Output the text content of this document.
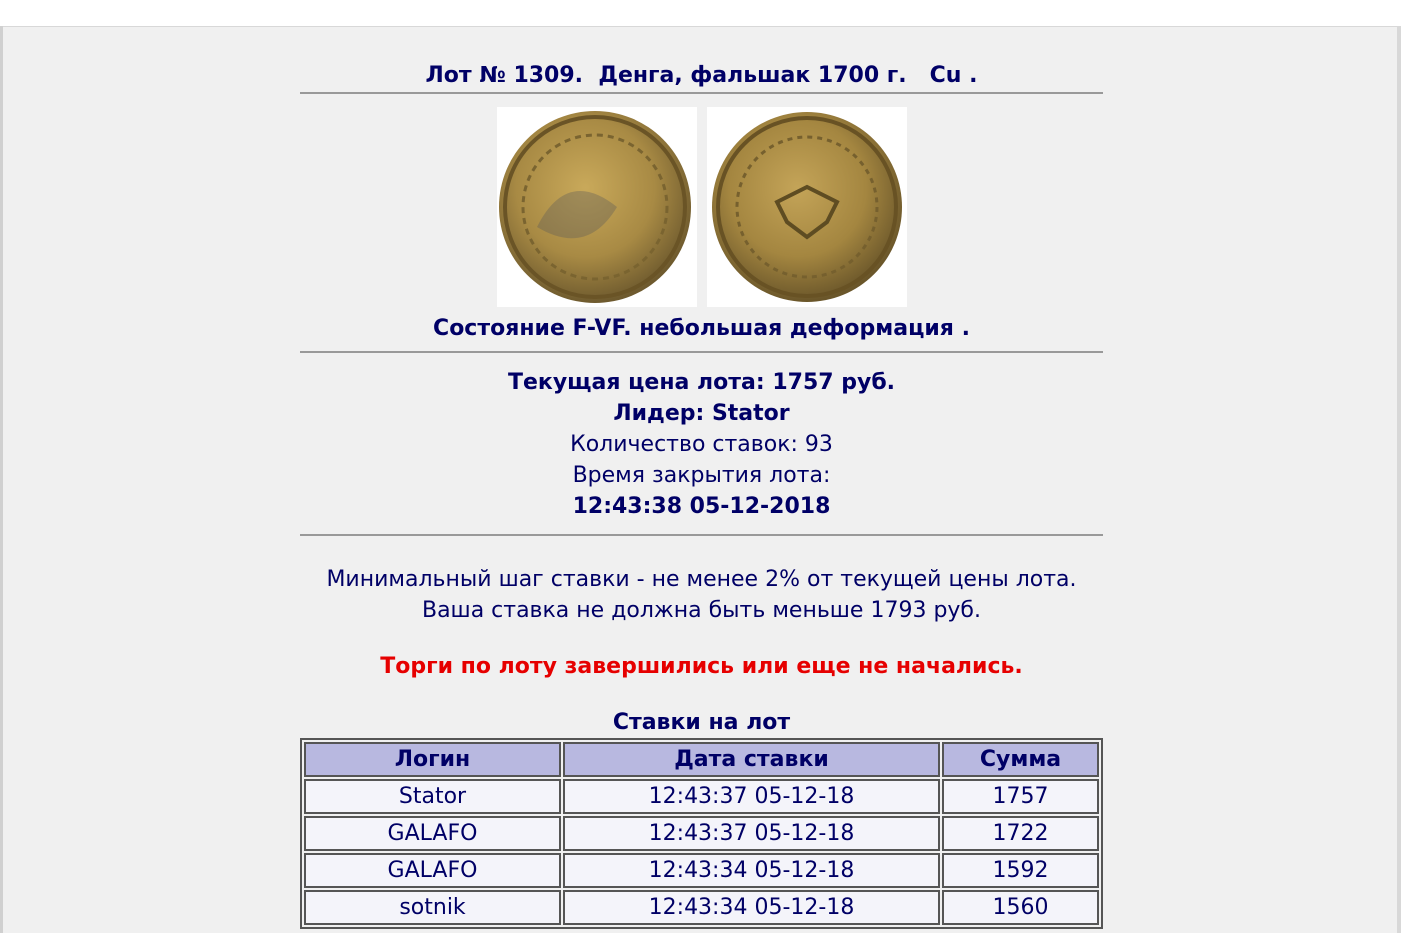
Лот № 1309.  Денга, фальшак 1700 г.   Cu .
Состояние F-VF. небольшая деформация .
Текущая цена лота: 1757 руб.
Лидер: Stator
Количество ставок: 93
Время закрытия лота:
12:43:38 05-12-2018
Минимальный шаг ставки - не менее 2% от текущей цены лота.
Ваша ставка не должна быть меньше 1793 руб.
Торги по лоту завершились или еще не начались.
Ставки на лот
Логин	Дата ставки	Сумма
Stator	12:43:37 05-12-18	1757
GALAFO	12:43:37 05-12-18	1722
GALAFO	12:43:34 05-12-18	1592
sotnik	12:43:34 05-12-18	1560
